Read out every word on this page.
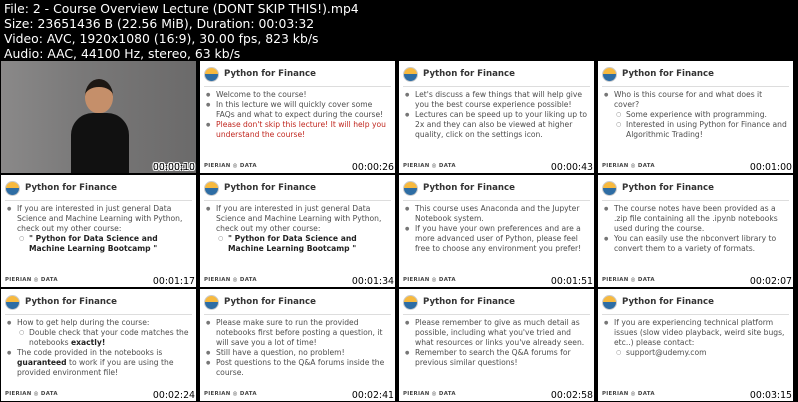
File: 2 - Course Overview Lecture (DONT SKIP THIS!).mp4
Size: 23651436 B (22.56 MiB), Duration: 00:03:32
Video: AVC, 1920x1080 (16:9), 30.00 fps, 823 kb/s
Audio: AAC, 44100 Hz, stereo, 63 kb/s
00:00:10
Python for Finance
● Welcome to the course!
● In this lecture we will quickly cover some FAQs and what to expect during the course!
● Please don't skip this lecture! It will help you understand the course!
PIERIAN ◎ DATA	00:00:26
Python for Finance
● Let's discuss a few things that will help give you the best course experience possible!
● Lectures can be speed up to your liking up to 2x and they can also be viewed at higher quality, click on the settings icon.
PIERIAN ◎ DATA	00:00:43
Python for Finance
● Who is this course for and what does it cover?
○ Some experience with programming.
○ Interested in using Python for Finance and Algorithmic Trading!
PIERIAN ◎ DATA	00:01:00
Python for Finance
● If you are interested in just general Data Science and Machine Learning with Python, check out my other course:
○ " Python for Data Science and Machine Learning Bootcamp "
PIERIAN ◎ DATA	00:01:17
Python for Finance
● If you are interested in just general Data Science and Machine Learning with Python, check out my other course:
○ " Python for Data Science and Machine Learning Bootcamp "
PIERIAN ◎ DATA	00:01:34
Python for Finance
● This course uses Anaconda and the Jupyter Notebook system.
● If you have your own preferences and are a more advanced user of Python, please feel free to choose any environment you prefer!
PIERIAN ◎ DATA	00:01:51
Python for Finance
● The course notes have been provided as a .zip file containing all the .ipynb notebooks used during the course.
● You can easily use the nbconvert library to convert them to a variety of formats.
PIERIAN ◎ DATA	00:02:07
Python for Finance
● How to get help during the course:
○ Double check that your code matches the notebooks exactly!
● The code provided in the notebooks is guaranteed to work if you are using the provided environment file!
PIERIAN ◎ DATA	00:02:24
Python for Finance
● Please make sure to run the provided notebooks first before posting a question, it will save you a lot of time!
● Still have a question, no problem!
● Post questions to the Q&A forums inside the course.
PIERIAN ◎ DATA	00:02:41
Python for Finance
● Please remember to give as much detail as possible, including what you've tried and what resources or links you've already seen.
● Remember to search the Q&A forums for previous similar questions!
PIERIAN ◎ DATA	00:02:58
Python for Finance
● If you are experiencing technical platform issues (slow video playback, weird site bugs, etc..) please contact:
○ support@udemy.com
PIERIAN ◎ DATA	00:03:15
